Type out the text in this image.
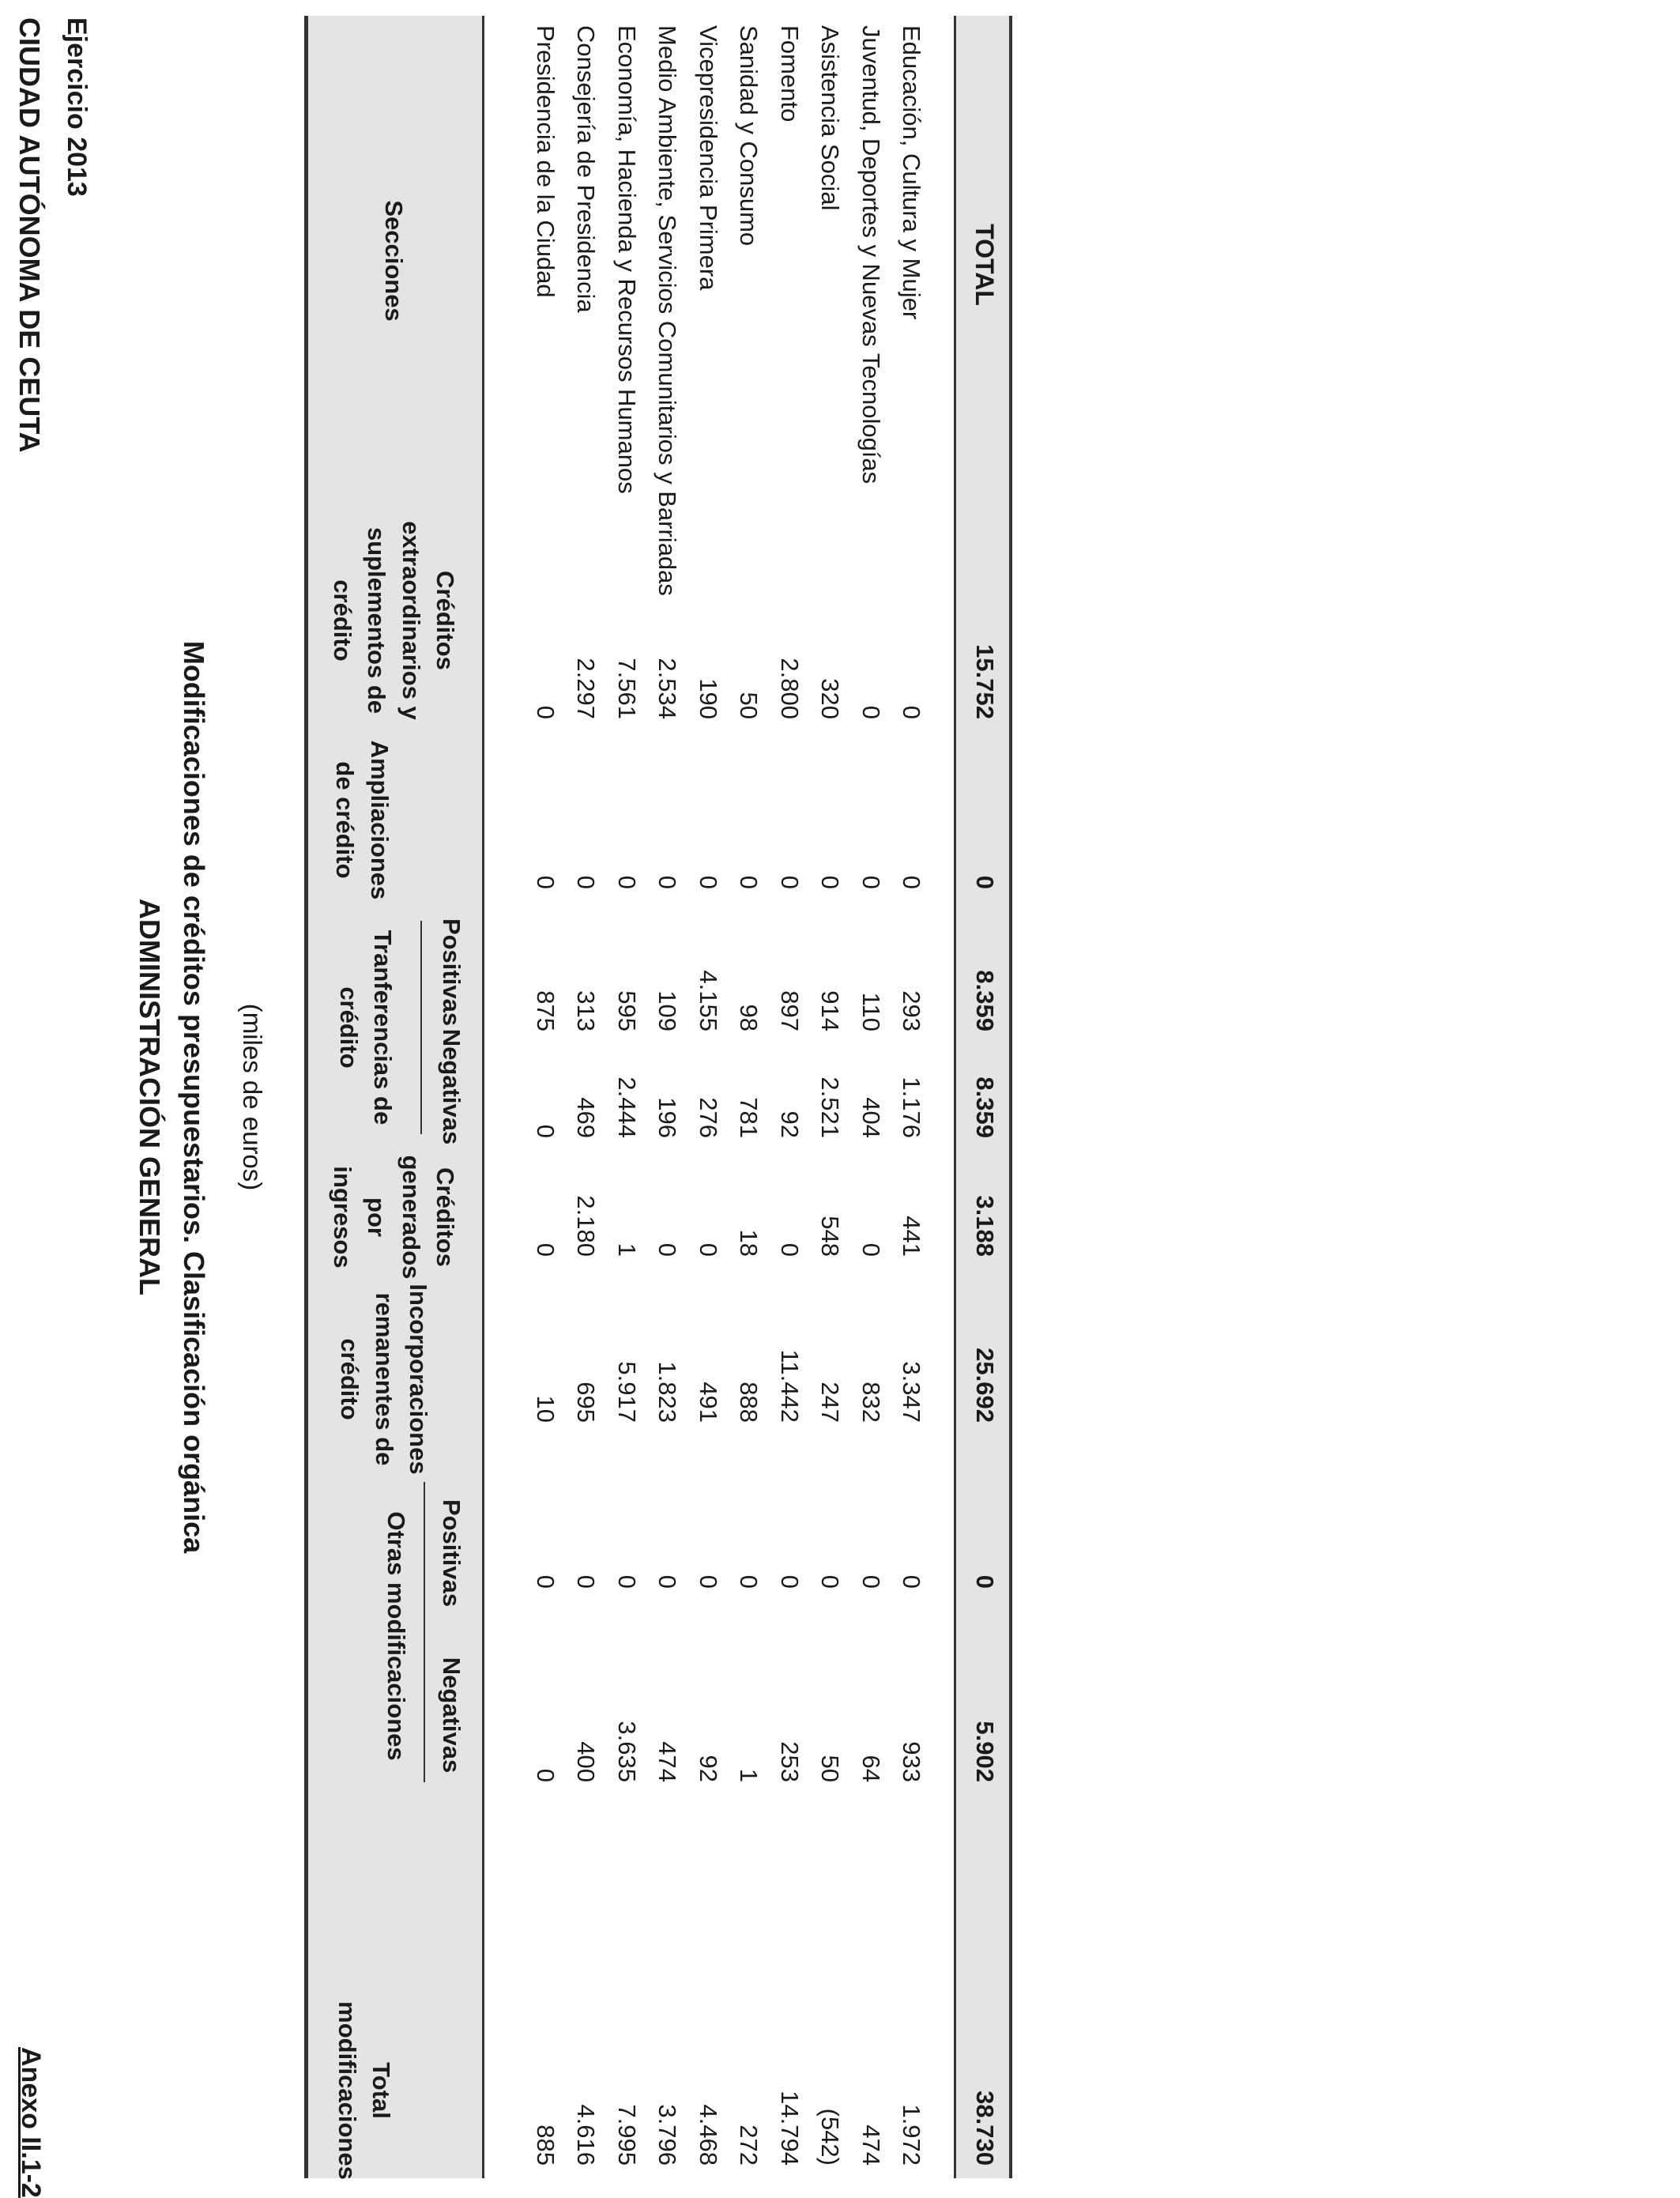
CIUDAD AUTÓNOMA DE CEUTA Ejercicio 2013
Anexo II.1-2
ADMINISTRACIÓN GENERAL Modificaciones de créditos presupuestarios. Clasificación orgánica (miles de euros)
Secciones
Créditos extraordinarios y suplementos de crédito
Ampliaciones de crédito
Tranferencias de crédito
Positivas
Negativas
Créditos generados por ingresos
Incorporaciones remanentes de crédito
Otras modificaciones	Positivas
Negativas
Total modificaciones
Presidencia de la Ciudad
0
0
875
0
0
10
0
0
885
Consejería de Presidencia
2.297
0
313
469
2.180
695
0
400
4.616
Economía, Hacienda y Recursos Humanos
7.561
0
595
2.444
1
5.917
0
3.635
7.995
Medio Ambiente, Servicios Comunitarios y Barriadas
2.534
0
109
196
0
1.823
0
474
3.796
Vicepresidencia Primera
190
0
4.155
276
0
491
0
92
4.468
Sanidad y Consumo
50
0
98
781
18
888
0
1
272
Fomento
2.800
0
897
92
0
11.442
0
253
14.794
Asistencia Social
320
0
914
2.521
548
247
0
50
(542)
Juventud, Deportes y Nuevas Tecnologías
0
0
110
404
0
832
0
64
474
Educación, Cultura y Mujer
0
0
293
1.176
441
3.347
0
933
1.972
TOTAL
15.752
0
8.359
8.359
3.188
25.692
0
5.902
38.730
